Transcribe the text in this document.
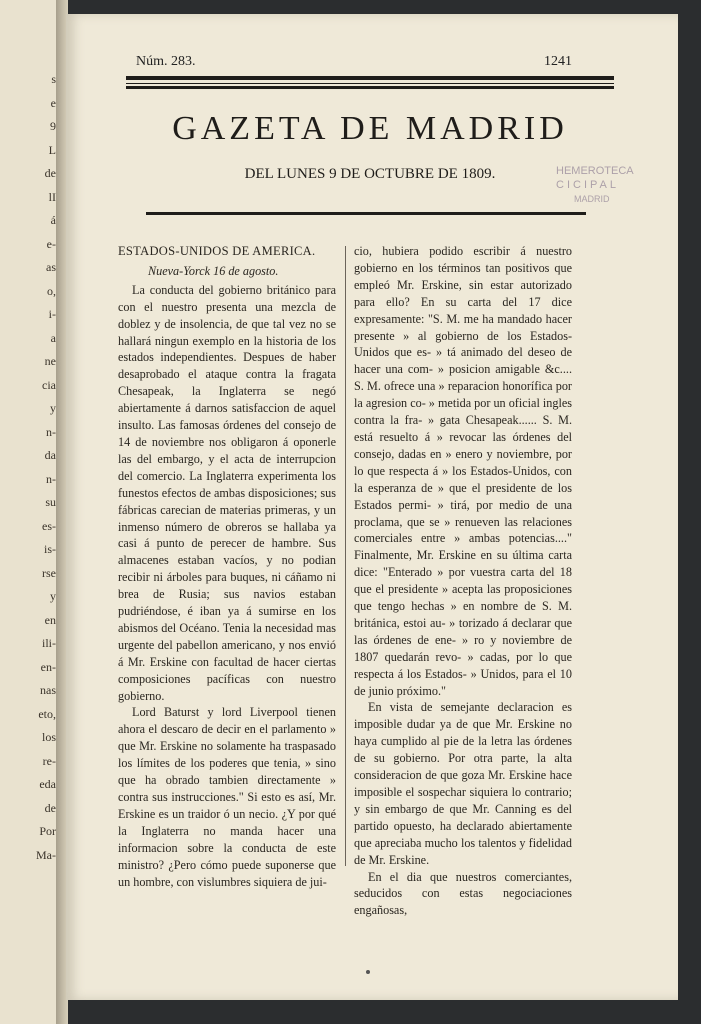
s
e
9
L
de
lI
á
e-
as
o,
i-
a
ne
cia
y
n-
da
n-
su
es-
is-
rse
y
en
ili-
en-
nas
eto,
los
re-
eda
de
Por
Ma-
Núm. 283.	1241
GAZETA DE MADRID
DEL LUNES 9 DE OCTUBRE DE 1809.	HEMEROTECA
CICIPAL
MADRID

ESTADOS-UNIDOS DE AMERICA.

Nueva-Yorck 16 de agosto.

La conducta del gobierno británico para con el nuestro presenta una mezcla de doblez y de insolencia, de que tal vez no se hallará ningun exemplo en la historia de los estados independientes. Despues de haber desaprobado el ataque contra la fragata Chesapeak, la Inglaterra se negó abiertamente á darnos satisfaccion de aquel insulto. Las famosas órdenes del consejo de 14 de noviembre nos obligaron á oponerle las del embargo, y el acta de interrupcion del comercio. La Inglaterra experimenta los funestos efectos de ambas disposiciones; sus fábricas carecian de materias primeras, y un inmenso número de obreros se hallaba ya casi á punto de perecer de hambre. Sus almacenes estaban vacíos, y no podian recibir ni árboles para buques, ni cáñamo ni brea de Rusia; sus navios estaban pudriéndose, é iban ya á sumirse en los abismos del Océano. Tenia la necesidad mas urgente del pabellon americano, y nos envió á Mr. Erskine con facultad de hacer ciertas composiciones pacíficas con nuestro gobierno.

Lord Baturst y lord Liverpool tienen ahora el descaro de decir en el parlamento » que Mr. Erskine no solamente ha traspasado los límites de los poderes que tenia, » sino que ha obrado tambien directamente » contra sus instrucciones." Si esto es así, Mr. Erskine es un traidor ó un necio. ¿Y por qué la Inglaterra no manda hacer una informacion sobre la conducta de este ministro? ¿Pero cómo puede suponerse que un hombre, con vislumbres siquiera de jui-

cio, hubiera podido escribir á nuestro gobierno en los términos tan positivos que empleó Mr. Erskine, sin estar autorizado para ello? En su carta del 17 dice expresamente: "S. M. me ha mandado hacer presente » al gobierno de los Estados-Unidos que es- » tá animado del deseo de hacer una com- » posicion amigable &c.... S. M. ofrece una » reparacion honorífica por la agresion co- » metida por un oficial ingles contra la fra- » gata Chesapeak...... S. M. está resuelto á » revocar las órdenes del consejo, dadas en » enero y noviembre, por lo que respecta á » los Estados-Unidos, con la esperanza de » que el presidente de los Estados permi- » tirá, por medio de una proclama, que se » renueven las relaciones comerciales entre » ambas potencias...." Finalmente, Mr. Erskine en su última carta dice: "Enterado » por vuestra carta del 18 que el presidente » acepta las proposiciones que tengo hechas » en nombre de S. M. británica, estoi au- » torizado á declarar que las órdenes de ene- » ro y noviembre de 1807 quedarán revo- » cadas, por lo que respecta á los Estados- » Unidos, para el 10 de junio próximo."

En vista de semejante declaracion es imposible dudar ya de que Mr. Erskine no haya cumplido al pie de la letra las órdenes de su gobierno. Por otra parte, la alta consideracion de que goza Mr. Erskine hace imposible el sospechar siquiera lo contrario; y sin embargo de que Mr. Canning es del partido opuesto, ha declarado abiertamente que apreciaba mucho los talentos y fidelidad de Mr. Erskine.

En el dia que nuestros comerciantes, seducidos con estas negociaciones engañosas,
